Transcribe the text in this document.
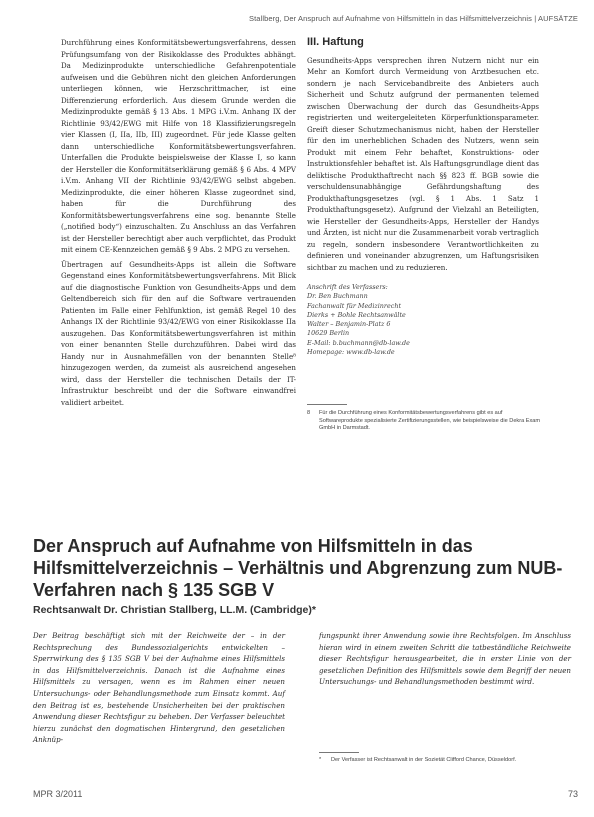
Stallberg, Der Anspruch auf Aufnahme von Hilfsmitteln in das Hilfsmittelverzeichnis | AUFSÄTZE

Durchführung eines Konformitätsbewertungsverfahrens, dessen Prüfungsumfang von der Risikoklasse des Produktes abhängt. Da Medizinprodukte unterschiedliche Gefahrenpotentiale aufweisen und die Gebühren nicht den gleichen Anforderungen unterliegen können, wie Herzschrittmacher, ist eine Differenzierung erforderlich. Aus diesem Grunde werden die Medizinprodukte gemäß § 13 Abs. 1 MPG i.V.m. Anhang IX der Richtlinie 93/42/EWG mit Hilfe von 18 Klassifizierungsregeln vier Klassen (I, IIa, IIb, III) zugeordnet. Für jede Klasse gelten dann unterschiedliche Konformitätsbewertungsverfahren. Unterfallen die Produkte beispielsweise der Klasse I, so kann der Hersteller die Konformitätserklärung gemäß § 6 Abs. 4 MPV i.V.m. Anhang VII der Richtlinie 93/42/EWG selbst abgeben. Medizinprodukte, die einer höheren Klasse zugeordnet sind, haben für die Durchführung des Konformitätsbewertungsverfahrens eine sog. benannte Stelle („notified body“) einzuschalten. Zu Anschluss an das Verfahren ist der Hersteller berechtigt aber auch verpflichtet, das Produkt mit einem CE-Kennzeichen gemäß § 9 Abs. 2 MPG zu versehen.

Übertragen auf Gesundheits-Apps ist allein die Software Gegenstand eines Konformitätsbewertungsverfahrens. Mit Blick auf die diagnostische Funktion von Gesundheits-Apps und dem Geltendbereich sich für den auf die Software vertrauenden Patienten im Falle einer Fehlfunktion, ist gemäß Regel 10 des Anhangs IX der Richtlinie 93/42/EWG von einer Risikoklasse IIa auszugehen. Das Konformitätsbewertungsverfahren ist mithin von einer benannten Stelle durchzuführen. Dabei wird das Handy nur in Ausnahmefällen von der benannten Stelle⁸ hinzugezogen werden, da zumeist als ausreichend angesehen wird, dass der Hersteller die technischen Details der IT-Infrastruktur beschreibt und der die Software einwandfrei validiert arbeitet.

III. Haftung

Gesundheits-Apps versprechen ihren Nutzern nicht nur ein Mehr an Komfort durch Vermeidung von Arztbesuchen etc. sondern je nach Servicebandbreite des Anbieters auch Sicherheit und Schutz aufgrund der permanenten telemed zwischen Überwachung der durch das Gesundheits-Apps registrierten und weitergeleiteten Körperfunktionsparameter. Greift dieser Schutzmechanismus nicht, haben der Hersteller für den im unerheblichen Schaden des Nutzers, wenn sein Produkt mit einem Fehr behaftet, Konstruktions- oder Instruktionsfehler behaftet ist. Als Haftungsgrundlage dient das deliktische Produkthaftrecht nach §§ 823 ff. BGB sowie die verschuldensunabhängige Gefährdungshaftung des Produkthaftungsgesetzes (vgl. § 1 Abs. 1 Satz 1 Produkthaftungsgesetz). Aufgrund der Vielzahl an Beteiligten, wie Hersteller der Gesundheits-Apps, Hersteller der Handys und Ärzten, ist nicht nur die Zusammenarbeit vorab vertraglich zu regeln, sondern insbesondere Verantwortlichkeiten zu definieren und voneinander abzugrenzen, um Haftungsrisiken sichtbar zu machen und zu reduzieren.

Anschrift des Verfassers:
Dr. Ben Buchmann
Fachanwalt für Medizinrecht
Dierks + Bohle Rechtsanwälte
Walter – Benjamin-Platz 6
10629 Berlin
E-Mail: b.buchmann@db-law.de
Homepage: www.db-law.de
8	Für die Durchführung eines Konformitätsbewertungsverfahrens gibt es auf Softwareprodukte spezialisierte Zertifizierungsstellen, wie beispielsweise die Dekra Exam GmbH in Darmstadt.
Der Anspruch auf Aufnahme von Hilfsmitteln in das Hilfsmittelverzeichnis – Verhältnis und Abgrenzung zum NUB-Verfahren nach § 135 SGB V
Rechtsanwalt Dr. Christian Stallberg, LL.M. (Cambridge)*

Der Beitrag beschäftigt sich mit der Reichweite der – in der Rechtsprechung des Bundessozialgerichts entwickelten – Sperrwirkung des § 135 SGB V bei der Aufnahme eines Hilfsmittels in das Hilfsmittelverzeichnis. Danach ist die Aufnahme eines Hilfsmittels zu versagen, wenn es im Rahmen einer neuen Untersuchungs- oder Behandlungsmethode zum Einsatz kommt. Auf den Beitrag ist es, bestehende Unsicherheiten bei der praktischen Anwendung dieser Rechtsfigur zu beheben. Der Verfasser beleuchtet hierzu zunächst den dogmatischen Hintergrund, den gesetzlichen Anknüp-

fungspunkt ihrer Anwendung sowie ihre Rechtsfolgen. Im Anschluss hieran wird in einem zweiten Schritt die tatbeständliche Reichweite dieser Rechtsfigur herausgearbeitet, die in erster Linie von der gesetzlichen Definition des Hilfsmittels sowie dem Begriff der neuen Untersuchungs- und Behandlungsmethoden bestimmt wird.

*	Der Verfasser ist Rechtsanwalt in der Sozietät Clifford Chance, Düsseldorf.
MPR 3/2011	73
